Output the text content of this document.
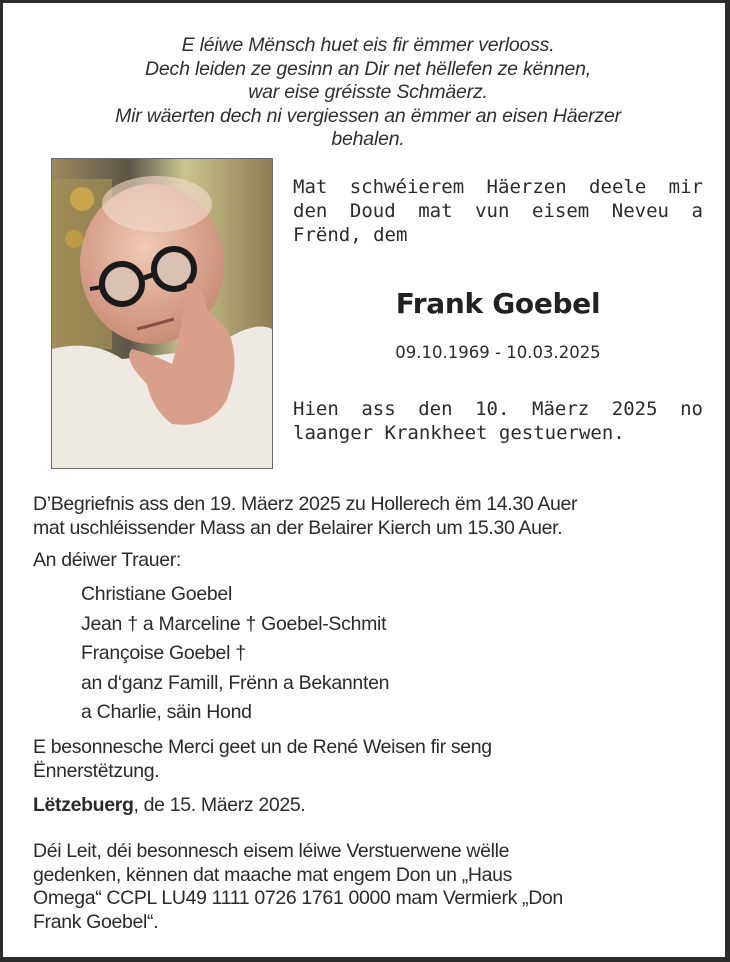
E léiwe Mënsch huet eis fir ëmmer verlooss.
Dech leiden ze gesinn an Dir net hëllefen ze kënnen,
war eise gréisste Schmäerz.
Mir wäerten dech ni vergiessen an ëmmer an eisen Häerzer
behalen.
Mat schwéierem Häerzen deele mir den Doud mat vun eisem Neveu a Frënd, dem
Frank Goebel
09.10.1969 - 10.03.2025
Hien ass den 10. Mäerz 2025 no laanger Krankheet gestuerwen.
D’Begriefnis ass den 19. Mäerz 2025 zu Hollerech ëm 14.30 Auer
mat uschléissender Mass an der Belairer Kierch um 15.30 Auer.
An déiwer Trauer:
Christiane Goebel
Jean † a Marceline † Goebel-Schmit
Françoise Goebel †
an d‘ganz Famill, Frënn a Bekannten
a Charlie, säin Hond
E besonnesche Merci geet un de René Weisen fir seng
Ënnerstëtzung.
Lëtzebuerg, de 15. Mäerz 2025.
Déi Leit, déi besonnesch eisem léiwe Verstuerwene wëlle
gedenken, kënnen dat maache mat engem Don un „Haus
Omega“ CCPL LU49 1111 0726 1761 0000 mam Vermierk „Don
Frank Goebel“.
